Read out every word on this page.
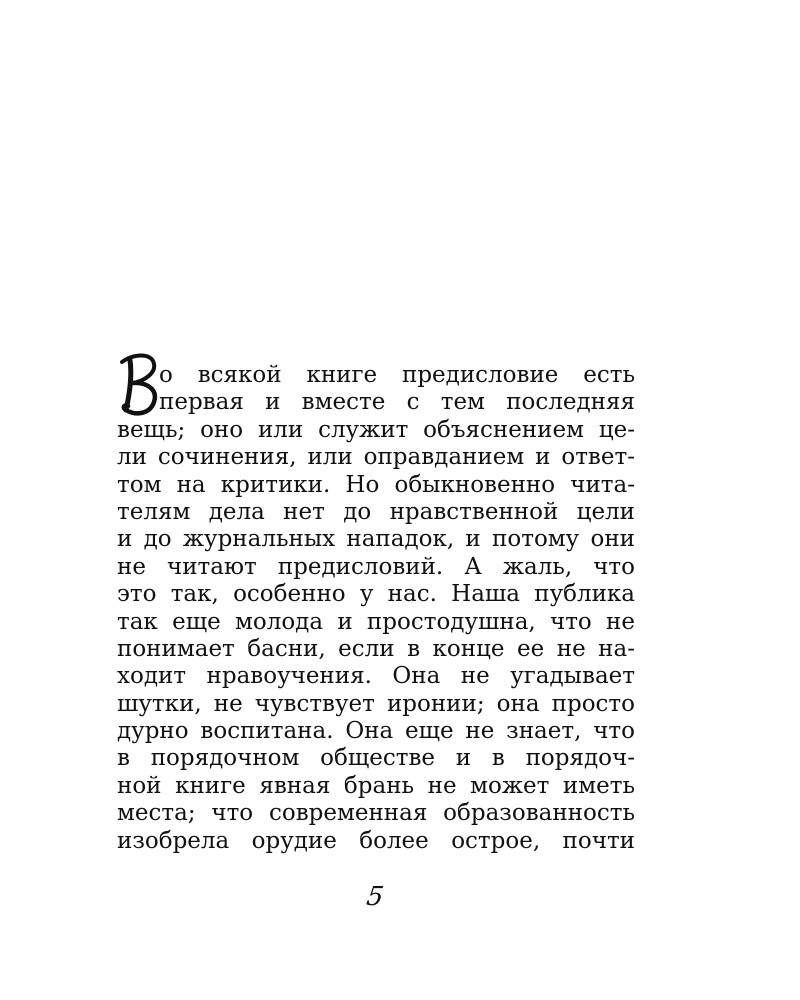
о всякой книге предисловие есть
первая и вместе с тем последняя
вещь; оно или служит объяснением це-
ли сочинения, или оправданием и ответ-
том на критики. Но обыкновенно чита-
телям дела нет до нравственной цели
и до журнальных нападок, и потому они
не читают предисловий. А жаль, что
это так, особенно у нас. Наша публика
так еще молода и простодушна, что не
понимает басни, если в конце ее не на-
ходит нравоучения. Она не угадывает
шутки, не чувствует иронии; она просто
дурно воспитана. Она еще не знает, что
в порядочном обществе и в порядоч-
ной книге явная брань не может иметь
места; что современная образованность
изобрела орудие более острое, почти
5
